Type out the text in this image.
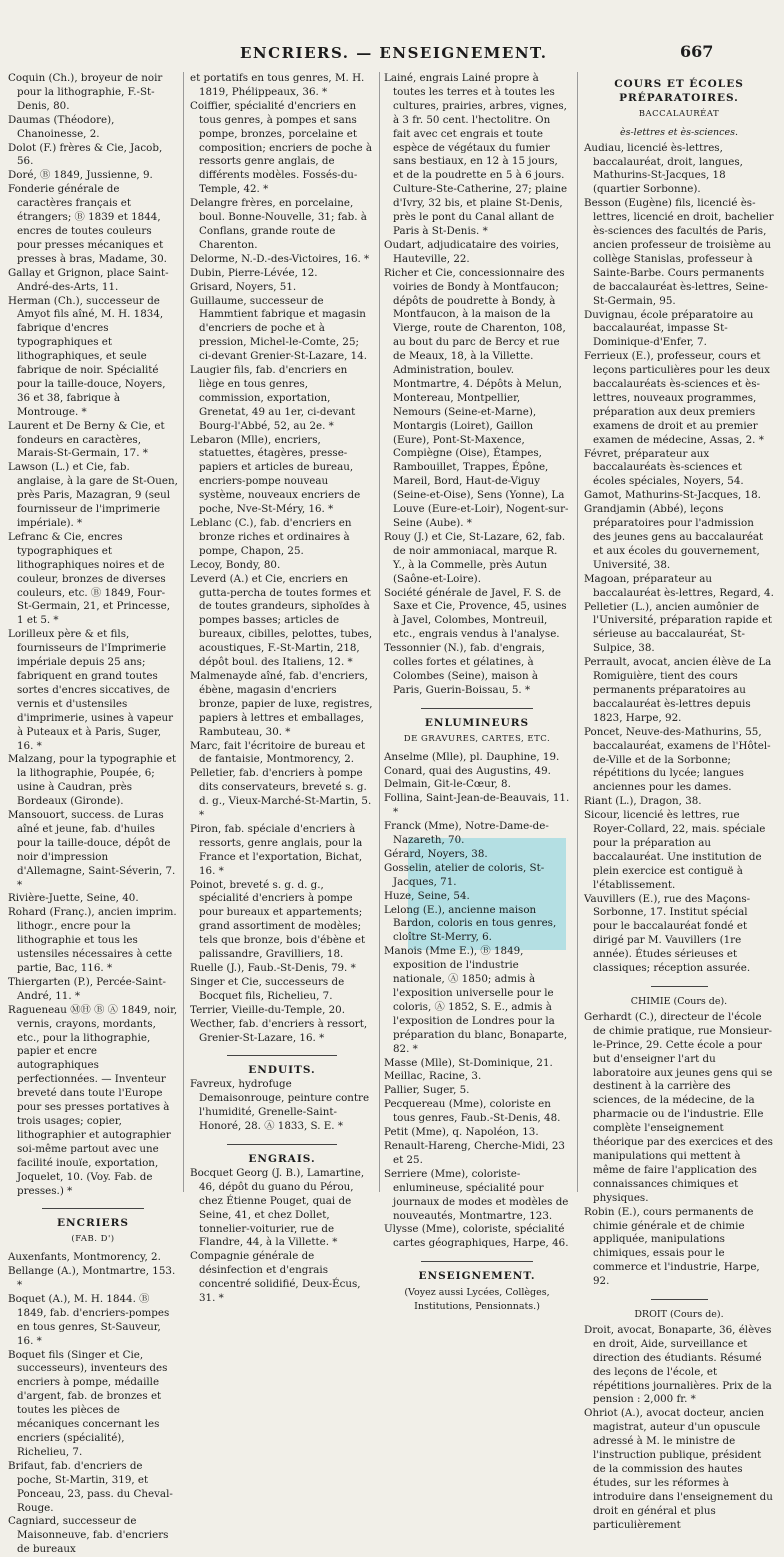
ENCRIERS. — ENSEIGNEMENT.	667

Coquin (Ch.), broyeur de noir pour la lithographie, F.-St-Denis, 80.

Daumas (Théodore), Chanoinesse, 2.

Dolot (F.) frères & Cie, Jacob, 56.

Doré, Ⓑ 1849, Jussienne, 9.

Fonderie générale de caractères français et étrangers; Ⓑ 1839 et 1844, encres de toutes couleurs pour presses mécaniques et presses à bras, Madame, 30.

Gallay et Grignon, place Saint-André-des-Arts, 11.

Herman (Ch.), successeur de Amyot fils aîné, M. H. 1834, fabrique d'encres typographiques et lithographiques, et seule fabrique de noir. Spécialité pour la taille-douce, Noyers, 36 et 38, fabrique à Montrouge. *

Laurent et De Berny & Cie, et fondeurs en caractères, Marais-St-Germain, 17. *

Lawson (L.) et Cie, fab. anglaise, à la gare de St-Ouen, près Paris, Mazagran, 9 (seul fournisseur de l'imprimerie impériale). *

Lefranc & Cie, encres typographiques et lithographiques noires et de couleur, bronzes de diverses couleurs, etc. Ⓑ 1849, Four-St-Germain, 21, et Princesse, 1 et 5. *

Lorilleux père & et fils, fournisseurs de l'Imprimerie impériale depuis 25 ans; fabriquent en grand toutes sortes d'encres siccatives, de vernis et d'ustensiles d'imprimerie, usines à vapeur à Puteaux et à Paris, Suger, 16. *

Malzang, pour la typographie et la lithographie, Poupée, 6; usine à Caudran, près Bordeaux (Gironde).

Mansouort, success. de Luras aîné et jeune, fab. d'huiles pour la taille-douce, dépôt de noir d'impression d'Allemagne, Saint-Séverin, 7. *

Rivière-Juette, Seine, 40.

Rohard (Franç.), ancien imprim. lithogr., encre pour la lithographie et tous les ustensiles nécessaires à cette partie, Bac, 116. *

Thiergarten (P.), Percée-Saint-André, 11. *

Ragueneau ⓂⒽ Ⓑ Ⓐ 1849, noir, vernis, crayons, mordants, etc., pour la lithographie, papier et encre autographiques perfectionnées. — Inventeur breveté dans toute l'Europe pour ses presses portatives à trois usages; copier, lithographier et autographier soi-même partout avec une facilité inouïe, exportation, Joquelet, 10. (Voy. Fab. de presses.) *

ENCRIERS

(FAB. D')

Auxenfants, Montmorency, 2.

Bellange (A.), Montmartre, 153. *

Boquet (A.), M. H. 1844. Ⓑ 1849, fab. d'encriers-pompes en tous genres, St-Sauveur, 16. *

Boquet fils (Singer et Cie, successeurs), inventeurs des encriers à pompe, médaille d'argent, fab. de bronzes et toutes les pièces de mécaniques concernant les encriers (spécialité), Richelieu, 7.

Brifaut, fab. d'encriers de poche, St-Martin, 319, et Ponceau, 23, pass. du Cheval-Rouge.

Cagniard, successeur de Maisonneuve, fab. d'encriers de bureaux

et portatifs en tous genres, M. H. 1819, Phélippeaux, 36. *

Coiffier, spécialité d'encriers en tous genres, à pompes et sans pompe, bronzes, porcelaine et composition; encriers de poche à ressorts genre anglais, de différents modèles. Fossés-du-Temple, 42. *

Delangre frères, en porcelaine, boul. Bonne-Nouvelle, 31; fab. à Conflans, grande route de Charenton.

Delorme, N.-D.-des-Victoires, 16. *

Dubin, Pierre-Lévée, 12.

Grisard, Noyers, 51.

Guillaume, successeur de Hammtient fabrique et magasin d'encriers de poche et à pression, Michel-le-Comte, 25; ci-devant Grenier-St-Lazare, 14.

Laugier fils, fab. d'encriers en liège en tous genres, commission, exportation, Grenetat, 49 au 1er, ci-devant Bourg-l'Abbé, 52, au 2e. *

Lebaron (Mlle), encriers, statuettes, étagères, presse-papiers et articles de bureau, encriers-pompe nouveau système, nouveaux encriers de poche, Nve-St-Méry, 16. *

Leblanc (C.), fab. d'encriers en bronze riches et ordinaires à pompe, Chapon, 25.

Lecoy, Bondy, 80.

Leverd (A.) et Cie, encriers en gutta-percha de toutes formes et de toutes grandeurs, siphoïdes à pompes basses; articles de bureaux, cibilles, pelottes, tubes, acoustiques, F.-St-Martin, 218, dépôt boul. des Italiens, 12. *

Malmenayde aîné, fab. d'encriers, ébène, magasin d'encriers bronze, papier de luxe, registres, papiers à lettres et emballages, Rambuteau, 30. *

Marc, fait l'écritoire de bureau et de fantaisie, Montmorency, 2.

Pelletier, fab. d'encriers à pompe dits conservateurs, breveté s. g. d. g., Vieux-Marché-St-Martin, 5. *

Piron, fab. spéciale d'encriers à ressorts, genre anglais, pour la France et l'exportation, Bichat, 16. *

Poinot, breveté s. g. d. g., spécialité d'encriers à pompe pour bureaux et appartements; grand assortiment de modèles; tels que bronze, bois d'ébène et palissandre, Gravilliers, 18.

Ruelle (J.), Faub.-St-Denis, 79. *

Singer et Cie, successeurs de Bocquet fils, Richelieu, 7.

Terrier, Vieille-du-Temple, 20.

Wecther, fab. d'encriers à ressort, Grenier-St-Lazare, 16. *

ENDUITS.

Favreux, hydrofuge Demaisonrouge, peinture contre l'humidité, Grenelle-Saint-Honoré, 28. Ⓐ 1833, S. E. *

ENGRAIS.

Bocquet Georg (J. B.), Lamartine, 46, dépôt du guano du Pérou, chez Étienne Pouget, quai de Seine, 41, et chez Dollet, tonnelier-voiturier, rue de Flandre, 44, à la Villette. *

Compagnie générale de désinfection et d'engrais concentré solidifié, Deux-Écus, 31. *

Lainé, engrais Lainé propre à toutes les terres et à toutes les cultures, prairies, arbres, vignes, à 3 fr. 50 cent. l'hectolitre. On fait avec cet engrais et toute espèce de végétaux du fumier sans bestiaux, en 12 à 15 jours, et de la poudrette en 5 à 6 jours. Culture-Ste-Catherine, 27; plaine d'Ivry, 32 bis, et plaine St-Denis, près le pont du Canal allant de Paris à St-Denis. *

Oudart, adjudicataire des voiries, Hauteville, 22.

Richer et Cie, concessionnaire des voiries de Bondy à Montfaucon; dépôts de poudrette à Bondy, à Montfaucon, à la maison de la Vierge, route de Charenton, 108, au bout du parc de Bercy et rue de Meaux, 18, à la Villette. Administration, boulev. Montmartre, 4. Dépôts à Melun, Montereau, Montpellier, Nemours (Seine-et-Marne), Montargis (Loiret), Gaillon (Eure), Pont-St-Maxence, Compiègne (Oise), Étampes, Rambouillet, Trappes, Épône, Mareil, Bord, Haut-de-Viguy (Seine-et-Oise), Sens (Yonne), La Louve (Eure-et-Loir), Nogent-sur-Seine (Aube). *

Rouy (J.) et Cie, St-Lazare, 62, fab. de noir ammoniacal, marque R. Y., à la Commelle, près Autun (Saône-et-Loire).

Société générale de Javel, F. S. de Saxe et Cie, Provence, 45, usines à Javel, Colombes, Montreuil, etc., engrais vendus à l'analyse.

Tessonnier (N.), fab. d'engrais, colles fortes et gélatines, à Colombes (Seine), maison à Paris, Guerin-Boissau, 5. *

ENLUMINEURS

DE GRAVURES, CARTES, ETC.

Anselme (Mlle), pl. Dauphine, 19.

Conard, quai des Augustins, 49.

Delmain, Git-le-Cœur, 8.

Follina, Saint-Jean-de-Beauvais, 11. *

Franck (Mme), Notre-Dame-de-Nazareth, 70.

Gérard, Noyers, 38.

Gosselin, atelier de coloris, St-Jacques, 71.

Huze, Seine, 54.

Lelong (E.), ancienne maison Bardon, coloris en tous genres, cloître St-Merry, 6.

Manois (Mme E.), Ⓑ 1849, exposition de l'industrie nationale, Ⓐ 1850; admis à l'exposition universelle pour le coloris, Ⓐ 1852, S. E., admis à l'exposition de Londres pour la préparation du blanc, Bonaparte, 82. *

Masse (Mlle), St-Dominique, 21.

Meillac, Racine, 3.

Pallier, Suger, 5.

Pecquereau (Mme), coloriste en tous genres, Faub.-St-Denis, 48.

Petit (Mme), q. Napoléon, 13.

Renault-Hareng, Cherche-Midi, 23 et 25.

Serriere (Mme), coloriste-enlumineuse, spécialité pour journaux de modes et modèles de nouveautés, Montmartre, 123.

Ulysse (Mme), coloriste, spécialité cartes géographiques, Harpe, 46.

ENSEIGNEMENT.

(Voyez aussi Lycées, Collèges, Institutions, Pensionnats.)

COURS ET ÉCOLES PRÉPARATOIRES.

BACCALAURÉAT

ès-lettres et ès-sciences.

Audiau, licencié ès-lettres, baccalauréat, droit, langues, Mathurins-St-Jacques, 18 (quartier Sorbonne).

Besson (Eugène) fils, licencié ès-lettres, licencié en droit, bachelier ès-sciences des facultés de Paris, ancien professeur de troisième au collège Stanislas, professeur à Sainte-Barbe. Cours permanents de baccalauréat ès-lettres, Seine-St-Germain, 95.

Duvignau, école préparatoire au baccalauréat, impasse St-Dominique-d'Enfer, 7.

Ferrieux (E.), professeur, cours et leçons particulières pour les deux baccalauréats ès-sciences et ès-lettres, nouveaux programmes, préparation aux deux premiers examens de droit et au premier examen de médecine, Assas, 2. *

Févret, préparateur aux baccalauréats ès-sciences et écoles spéciales, Noyers, 54.

Gamot, Mathurins-St-Jacques, 18.

Grandjamin (Abbé), leçons préparatoires pour l'admission des jeunes gens au baccalauréat et aux écoles du gouvernement, Université, 38.

Magoan, préparateur au baccalauréat ès-lettres, Regard, 4.

Pelletier (L.), ancien aumônier de l'Université, préparation rapide et sérieuse au baccalauréat, St-Sulpice, 38.

Perrault, avocat, ancien élève de La Romiguière, tient des cours permanents préparatoires au baccalauréat ès-lettres depuis 1823, Harpe, 92.

Poncet, Neuve-des-Mathurins, 55, baccalauréat, examens de l'Hôtel-de-Ville et de la Sorbonne; répétitions du lycée; langues anciennes pour les dames.

Riant (L.), Dragon, 38.

Sicour, licencié ès lettres, rue Royer-Collard, 22, mais. spéciale pour la préparation au baccalauréat. Une institution de plein exercice est contiguë à l'établissement.

Vauvillers (E.), rue des Maçons-Sorbonne, 17. Institut spécial pour le baccalauréat fondé et dirigé par M. Vauvillers (1re année). Études sérieuses et classiques; réception assurée.

CHIMIE (Cours de).

Gerhardt (C.), directeur de l'école de chimie pratique, rue Monsieur-le-Prince, 29. Cette école a pour but d'enseigner l'art du laboratoire aux jeunes gens qui se destinent à la carrière des sciences, de la médecine, de la pharmacie ou de l'industrie. Elle complète l'enseignement théorique par des exercices et des manipulations qui mettent à même de faire l'application des connaissances chimiques et physiques.

Robin (E.), cours permanents de chimie générale et de chimie appliquée, manipulations chimiques, essais pour le commerce et l'industrie, Harpe, 92.

DROIT (Cours de).

Droit, avocat, Bonaparte, 36, élèves en droit, Aide, surveillance et direction des étudiants. Résumé des leçons de l'école, et répétitions journalières. Prix de la pension : 2,000 fr. *

Ohriot (A.), avocat docteur, ancien magistrat, auteur d'un opuscule adressé à M. le ministre de l'instruction publique, président de la commission des hautes études, sur les réformes à introduire dans l'enseignement du droit en général et plus particulièrement
